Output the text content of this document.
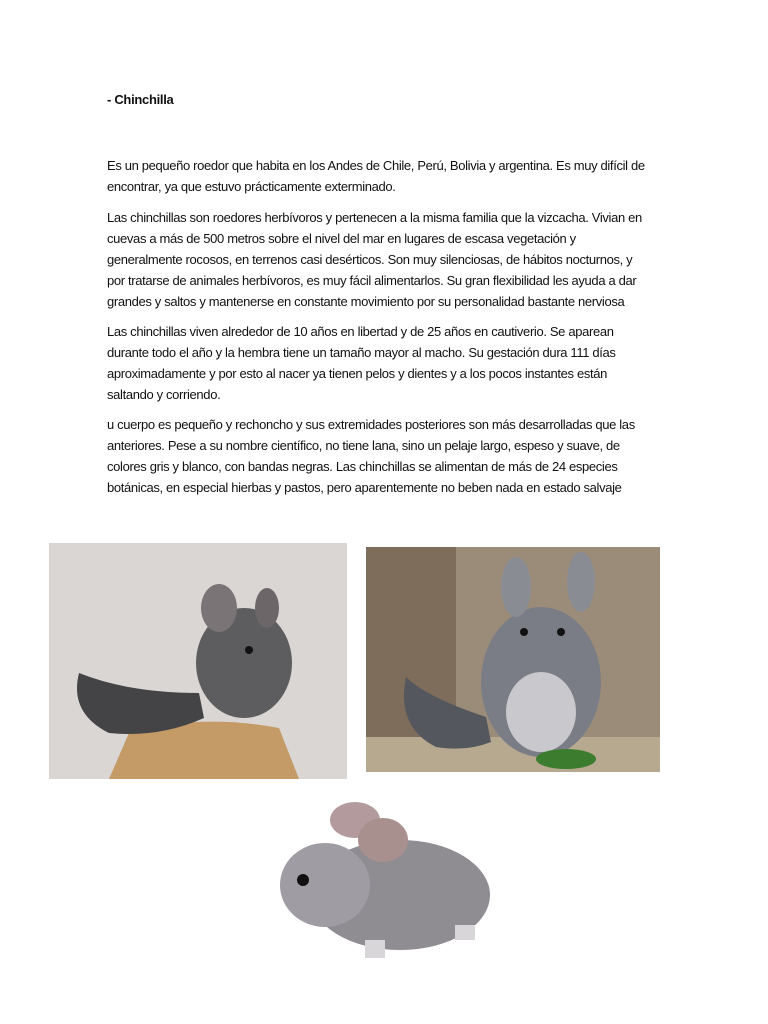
- Chinchilla
Es un pequeño roedor que habita en los Andes de Chile, Perú, Bolivia y argentina. Es muy difícil de
encontrar, ya que estuvo prácticamente exterminado.
Las chinchillas son roedores herbívoros y pertenecen a la misma familia que la vizcacha. Vivian en
cuevas a más de 500 metros sobre el nivel del mar en lugares de escasa vegetación y
generalmente rocosos, en terrenos casi desérticos. Son muy silenciosas, de hábitos nocturnos, y
por tratarse de animales herbívoros, es muy fácil alimentarlos. Su gran flexibilidad les ayuda a dar
grandes y saltos y mantenerse en constante movimiento por su personalidad bastante nerviosa
Las chinchillas viven alrededor de 10 años en libertad y de 25 años en cautiverio. Se aparean
durante todo el año y la hembra tiene un tamaño mayor al macho. Su gestación dura 111 días
aproximadamente y por esto al nacer ya tienen pelos y dientes y a los pocos instantes están
saltando y corriendo.
u cuerpo es pequeño y rechoncho y sus extremidades posteriores son más desarrolladas que las
anteriores. Pese a su nombre científico, no tiene lana, sino un pelaje largo, espeso y suave, de
colores gris y blanco, con bandas negras. Las chinchillas se alimentan de más de 24 especies
botánicas, en especial hierbas y pastos, pero aparentemente no beben nada en estado salvaje
